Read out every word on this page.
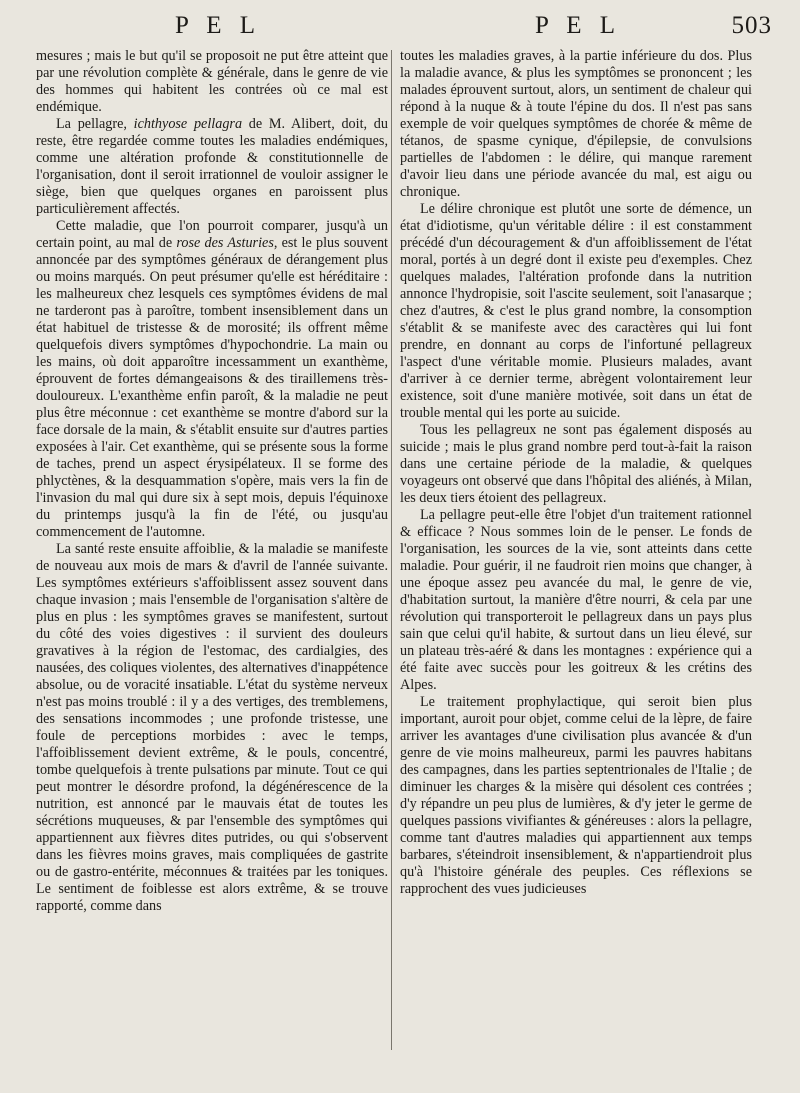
P E L	P E L	503

mesures ; mais le but qu'il se proposoit ne put être atteint que par une révolution complète & générale, dans le genre de vie des hommes qui habitent les contrées où ce mal est endémique.

La pellagre, ichthyose pellagra de M. Alibert, doit, du reste, être regardée comme toutes les maladies endémiques, comme une altération profonde & constitutionnelle de l'organisation, dont il seroit irrationnel de vouloir assigner le siège, bien que quelques organes en paroissent plus particulièrement affectés.

Cette maladie, que l'on pourroit comparer, jusqu'à un certain point, au mal de rose des Asturies, est le plus souvent annoncée par des symptômes généraux de dérangement plus ou moins marqués. On peut présumer qu'elle est héréditaire : les malheureux chez lesquels ces symptômes évidens de mal ne tarderont pas à paroître, tombent insensiblement dans un état habituel de tristesse & de morosité; ils offrent même quelquefois divers symptômes d'hypochondrie. La main ou les mains, où doit apparoître incessamment un exanthème, éprouvent de fortes démangeaisons & des tiraillemens très-douloureux. L'exanthème enfin paroît, & la maladie ne peut plus être méconnue : cet exanthème se montre d'abord sur la face dorsale de la main, & s'établit ensuite sur d'autres parties exposées à l'air. Cet exanthème, qui se présente sous la forme de taches, prend un aspect érysipélateux. Il se forme des phlyctènes, & la desquammation s'opère, mais vers la fin de l'invasion du mal qui dure six à sept mois, depuis l'équinoxe du printemps jusqu'à la fin de l'été, ou jusqu'au commencement de l'automne.

La santé reste ensuite affoiblie, & la maladie se manifeste de nouveau aux mois de mars & d'avril de l'année suivante. Les symptômes extérieurs s'affoiblissent assez souvent dans chaque invasion ; mais l'ensemble de l'organisation s'altère de plus en plus : les symptômes graves se manifestent, surtout du côté des voies digestives : il survient des douleurs gravatives à la région de l'estomac, des cardialgies, des nausées, des coliques violentes, des alternatives d'inappétence absolue, ou de voracité insatiable. L'état du système nerveux n'est pas moins troublé : il y a des vertiges, des tremblemens, des sensations incommodes ; une profonde tristesse, une foule de perceptions morbides : avec le temps, l'affoiblissement devient extrême, & le pouls, concentré, tombe quelquefois à trente pulsations par minute. Tout ce qui peut montrer le désordre profond, la dégénérescence de la nutrition, est annoncé par le mauvais état de toutes les sécrétions muqueuses, & par l'ensemble des symptômes qui appartiennent aux fièvres dites putrides, ou qui s'observent dans les fièvres moins graves, mais compliquées de gastrite ou de gastro-entérite, méconnues & traitées par les toniques. Le sentiment de foiblesse est alors extrême, & se trouve rapporté, comme dans

toutes les maladies graves, à la partie inférieure du dos. Plus la maladie avance, & plus les symptômes se prononcent ; les malades éprouvent surtout, alors, un sentiment de chaleur qui répond à la nuque & à toute l'épine du dos. Il n'est pas sans exemple de voir quelques symptômes de chorée & même de tétanos, de spasme cynique, d'épilepsie, de convulsions partielles de l'abdomen : le délire, qui manque rarement d'avoir lieu dans une période avancée du mal, est aigu ou chronique.

Le délire chronique est plutôt une sorte de démence, un état d'idiotisme, qu'un véritable délire : il est constamment précédé d'un découragement & d'un affoiblissement de l'état moral, portés à un degré dont il existe peu d'exemples. Chez quelques malades, l'altération profonde dans la nutrition annonce l'hydropisie, soit l'ascite seulement, soit l'anasarque ; chez d'autres, & c'est le plus grand nombre, la consomption s'établit & se manifeste avec des caractères qui lui font prendre, en donnant au corps de l'infortuné pellagreux l'aspect d'une véritable momie. Plusieurs malades, avant d'arriver à ce dernier terme, abrègent volontairement leur existence, soit d'une manière motivée, soit dans un état de trouble mental qui les porte au suicide.

Tous les pellagreux ne sont pas également disposés au suicide ; mais le plus grand nombre perd tout-à-fait la raison dans une certaine période de la maladie, & quelques voyageurs ont observé que dans l'hôpital des aliénés, à Milan, les deux tiers étoient des pellagreux.

La pellagre peut-elle être l'objet d'un traitement rationnel & efficace ? Nous sommes loin de le penser. Le fonds de l'organisation, les sources de la vie, sont atteints dans cette maladie. Pour guérir, il ne faudroit rien moins que changer, à une époque assez peu avancée du mal, le genre de vie, d'habitation surtout, la manière d'être nourri, & cela par une révolution qui transporteroit le pellagreux dans un pays plus sain que celui qu'il habite, & surtout dans un lieu élevé, sur un plateau très-aéré & dans les montagnes : expérience qui a été faite avec succès pour les goitreux & les crétins des Alpes.

Le traitement prophylactique, qui seroit bien plus important, auroit pour objet, comme celui de la lèpre, de faire arriver les avantages d'une civilisation plus avancée & d'un genre de vie moins malheureux, parmi les pauvres habitans des campagnes, dans les parties septentrionales de l'Italie ; de diminuer les charges & la misère qui désolent ces contrées ; d'y répandre un peu plus de lumières, & d'y jeter le germe de quelques passions vivifiantes & généreuses : alors la pellagre, comme tant d'autres maladies qui appartiennent aux temps barbares, s'éteindroit insensiblement, & n'appartiendroit plus qu'à l'histoire générale des peuples. Ces réflexions se rapprochent des vues judicieuses
